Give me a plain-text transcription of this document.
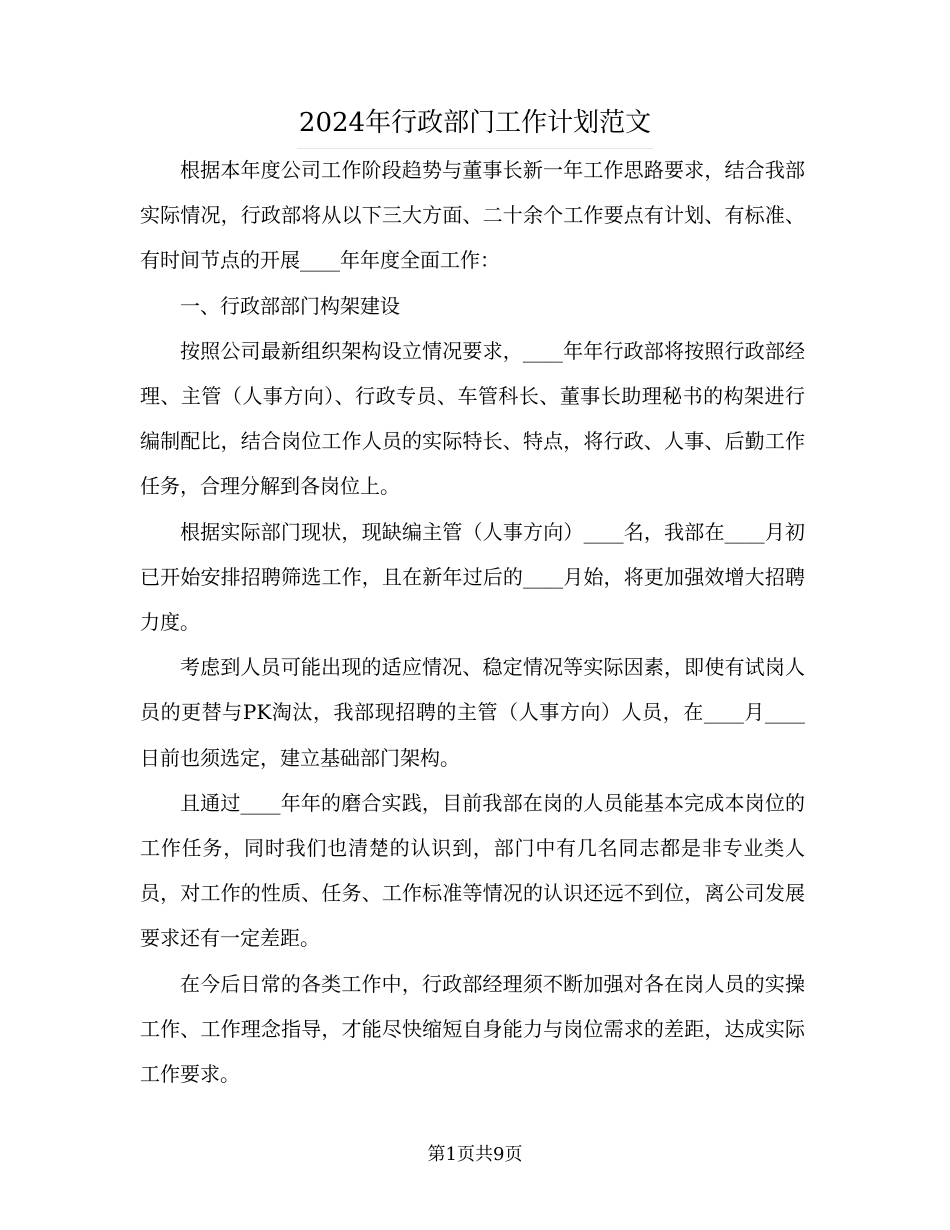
2024年行政部门工作计划范文

根据本年度公司工作阶段趋势与董事长新一年工作思路要求，结合我部实际情况，行政部将从以下三大方面、二十余个工作要点有计划、有标准、有时间节点的开展____年年度全面工作：

一、行政部部门构架建设

按照公司最新组织架构设立情况要求，____年年行政部将按照行政部经理、主管（人事方向）、行政专员、车管科长、董事长助理秘书的构架进行编制配比，结合岗位工作人员的实际特长、特点，将行政、人事、后勤工作任务，合理分解到各岗位上。

根据实际部门现状，现缺编主管（人事方向）____名，我部在____月初已开始安排招聘筛选工作，且在新年过后的____月始，将更加强效增大招聘力度。

考虑到人员可能出现的适应情况、稳定情况等实际因素，即使有试岗人员的更替与PK淘汰，我部现招聘的主管（人事方向）人员，在____月____日前也须选定，建立基础部门架构。

且通过____年年的磨合实践，目前我部在岗的人员能基本完成本岗位的工作任务，同时我们也清楚的认识到，部门中有几名同志都是非专业类人员，对工作的性质、任务、工作标准等情况的认识还远不到位，离公司发展要求还有一定差距。

在今后日常的各类工作中，行政部经理须不断加强对各在岗人员的实操工作、工作理念指导，才能尽快缩短自身能力与岗位需求的差距，达成实际工作要求。

第1页共9页
